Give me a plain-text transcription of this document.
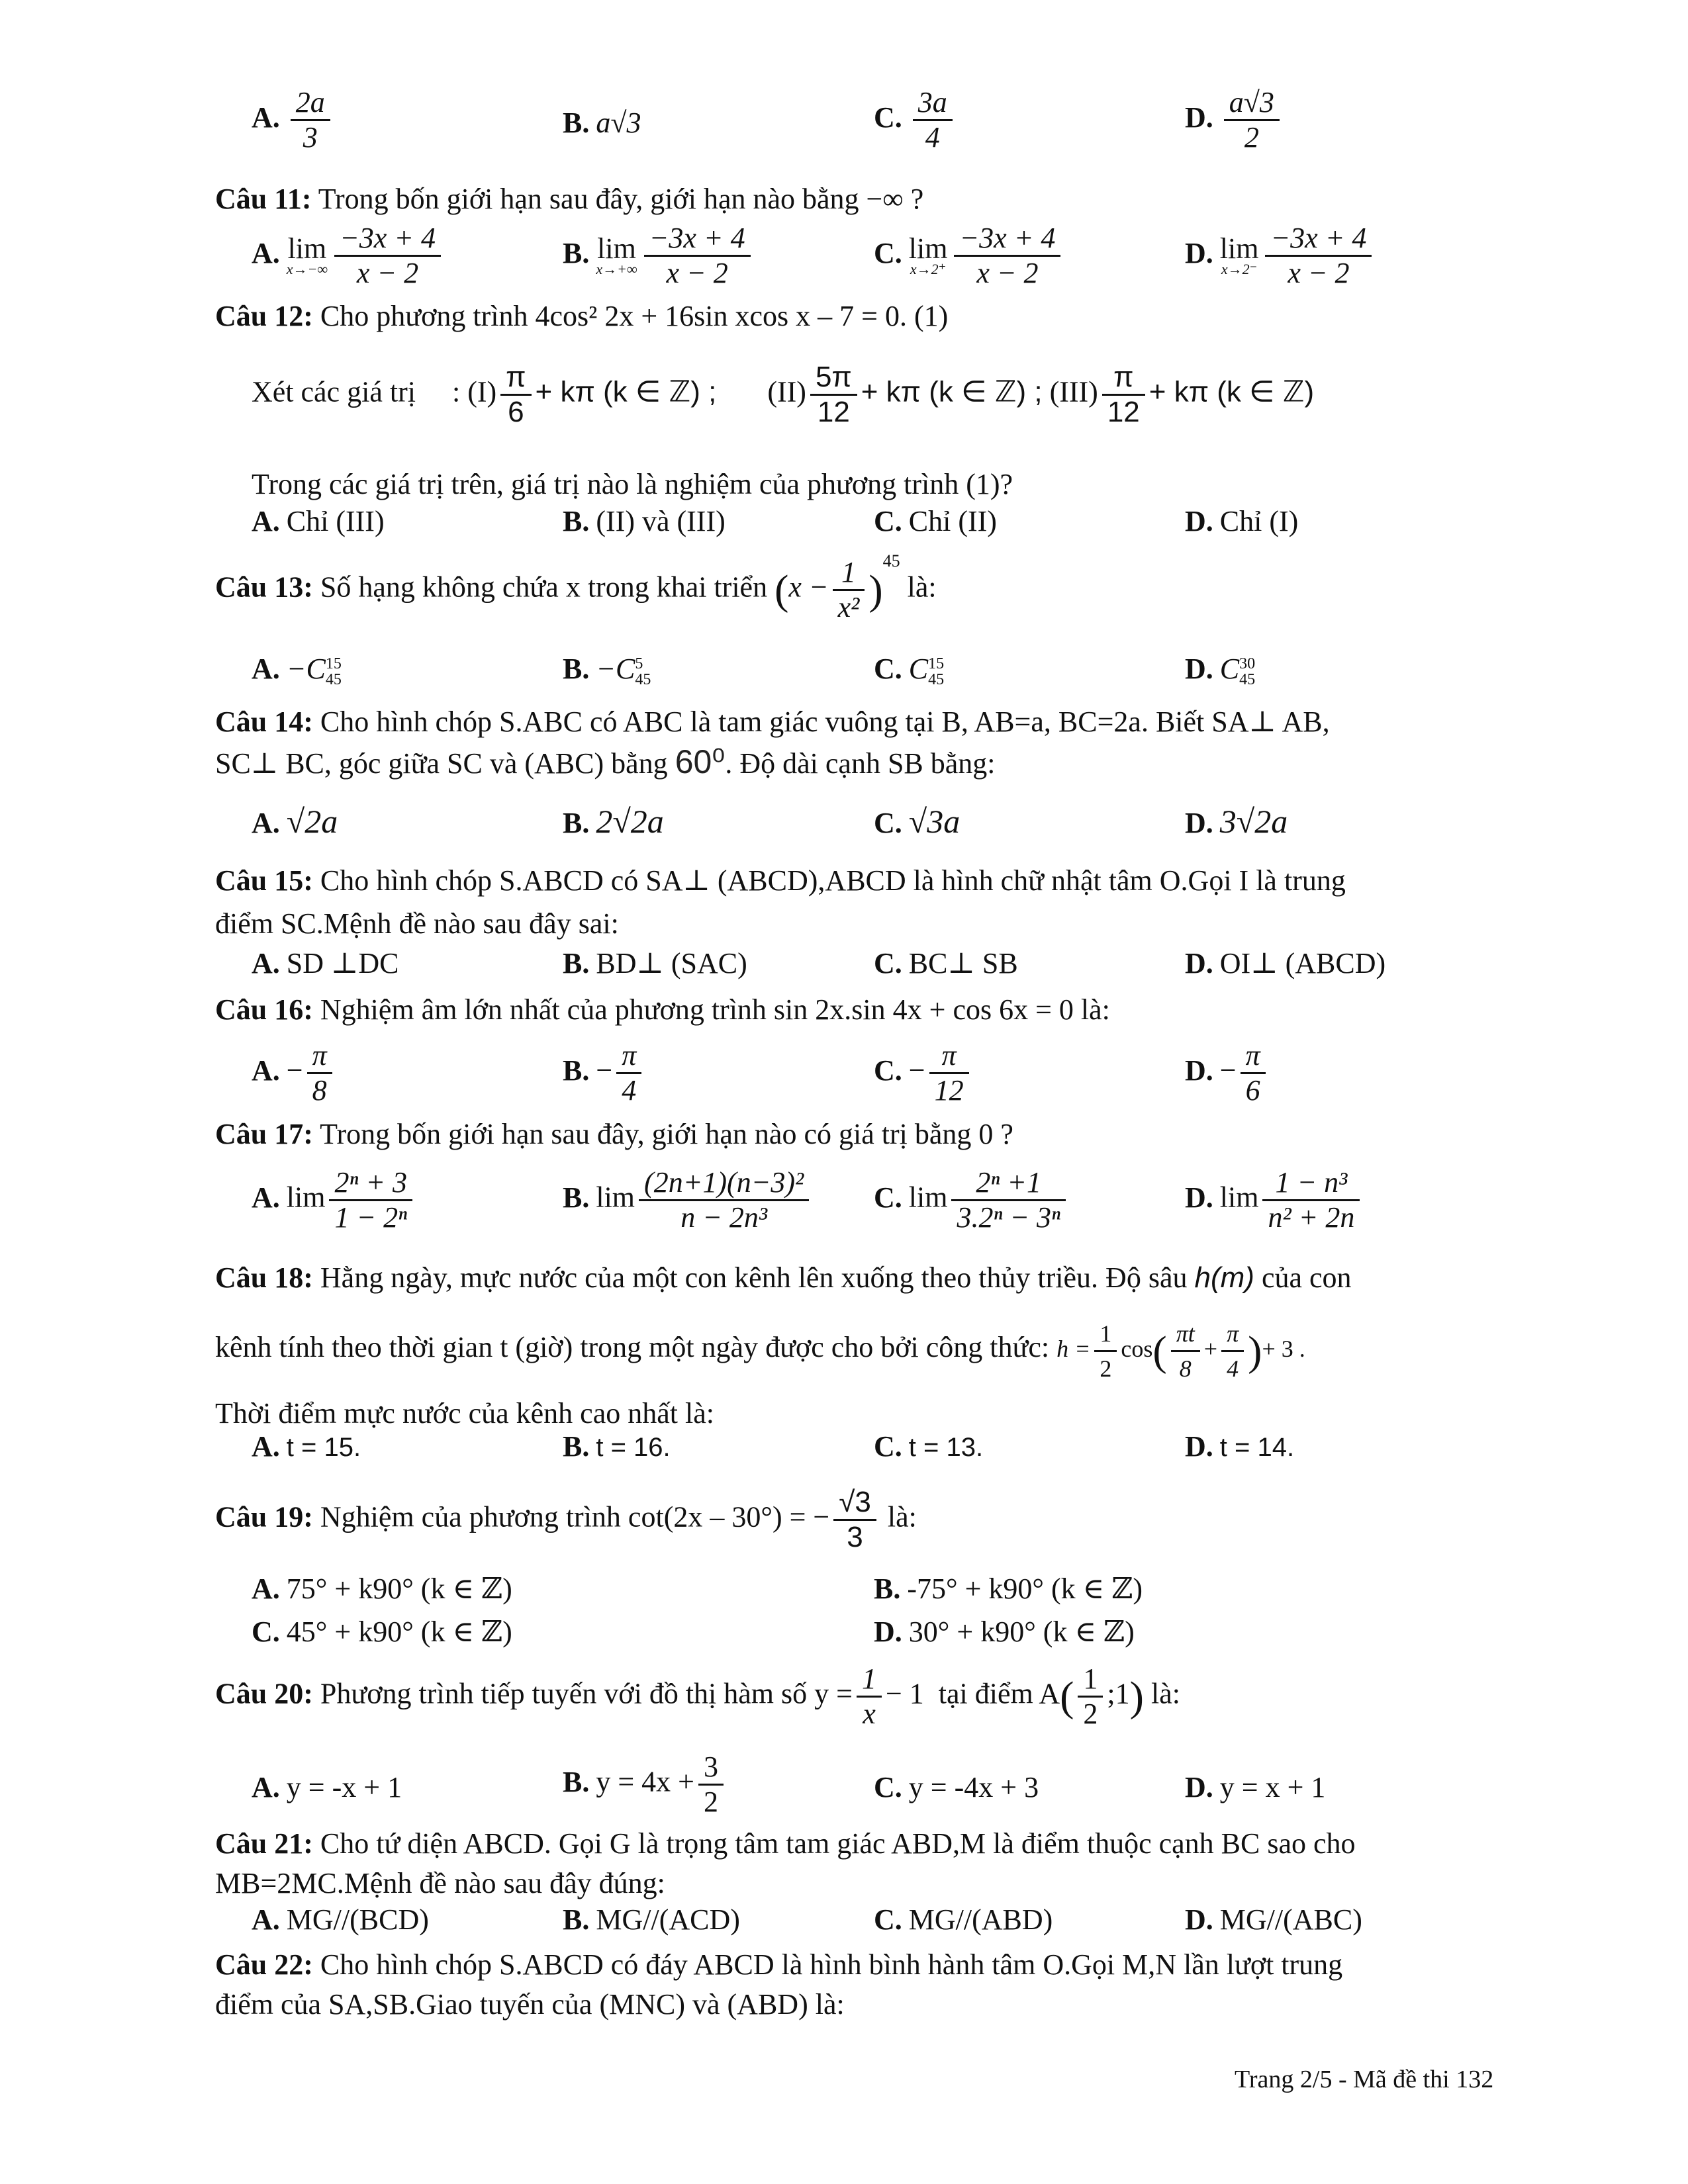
A. $\frac{2a}{3}$	B. a√3	C. $\frac{3a}{4}$	D. $\frac{a√3}{2}$
Câu 11: Trong bốn giới hạn sau đây, giới hạn nào bằng −∞ ?
A. lim
$x\to-\infty \frac{-3x + 4}{x - 2}$	B. lim
$x\to+\infty \frac{-3x + 4}{x - 2}$	C. lim
$x\to 2^+ \frac{-3x + 4}{x - 2}$	D. lim
$x\to 2^- \frac{-3x + 4}{x - 2}$
Câu 12: Cho phương trình 4cos² 2x + 16sin xcos x – 7 = 0. (1)
Xét các giá trị : $(I) \frac{\pi}{6} + k\pi$ (k ∈ ℤ) ; $(II) \frac{5\pi}{12} + k\pi$ (k ∈ ℤ) ; $(III) \frac{\pi}{12} + k\pi$ (k ∈ ℤ)
Trong các giá trị trên, giá trị nào là nghiệm của phương trình (1)?
A. Chỉ (III)	B. (II) và (III)	C. Chỉ (II)	D. Chỉ (I)
Câu 13: Số hạng không chứa x trong khai triển $(x - \frac{1}{\text{x²}} )^{45}$ là:
A. −C 15
45	B. −C 5
45	C. C 15
45	D. C 30
45
Câu 14: Cho hình chóp S.ABC có ABC là tam giác vuông tại B, AB=a, BC=2a. Biết SA⊥ AB,
SC⊥ BC, góc giữa SC và (ABC) bằng 60⁰. Độ dài cạnh SB bằng:
A. √2a	B. 2√2a	C. √3a	D. 3√2a
Câu 15: Cho hình chóp S.ABCD có SA⊥ (ABCD),ABCD là hình chữ nhật tâm O.Gọi I là trung
điểm SC.Mệnh đề nào sau đây sai:
A. SD ⊥DC	B. BD⊥ (SAC)	C. BC⊥ SB	D. OI⊥ (ABCD)
Câu 16: Nghiệm âm lớn nhất của phương trình sin 2x.sin 4x + cos 6x = 0 là:
A. − $\frac{\pi}{8}$	B. − $\frac{\pi}{4}$	C. − $\frac{\pi}{12}$	D. − $\frac{\pi}{6}$
Câu 17: Trong bốn giới hạn sau đây, giới hạn nào có giá trị bằng 0 ?
A. $\lim \frac{\text{2ⁿ + 3}}{\text{1 − 2ⁿ}}$	B. $\lim \frac{\text{(2n+1)(n−3)²}}{\text{n − 2n³}} C$. $\lim \frac{\text{2ⁿ +1}}{\text{3.2ⁿ − 3ⁿ}}$	D. $\lim \frac{\text{1 − n³}}{\text{n² + 2n}}$
Câu 18: Hằng ngày, mực nước của một con kênh lên xuống theo thủy triều. Độ sâu h(m) của con
kênh tính theo thời gian t (giờ) trong một ngày được cho bởi công thức: $h = \frac{1}{2} \cos( \frac{\pi t}{8} + \frac{\pi}{4}$ )+ 3 .
Thời điểm mực nước của kênh cao nhất là:
A. t = 15.	B. t = 16.	C. t = 13.	D. t = 14.
Câu 19: Nghiệm của phương trình cot(2x – 30°) = − $\frac{√3}{3}$ là:
A. 75° + k90° (k ∈ ℤ)	B. -75° + k90° (k ∈ ℤ)
C. 45° + k90° (k ∈ ℤ)	D. 30° + k90° (k ∈ ℤ)
Câu 20: Phương trình tiếp tuyến với đồ thị hàm số $y = \frac{1}{x} - 1$ tại điểm $A( \frac{1}{2}$ ;1) là:
A. y = -x + 1	B. $y = 4x + \frac{3}{2}$	C. y = -4x + 3	D. y = x + 1
Câu 21: Cho tứ diện ABCD. Gọi G là trọng tâm tam giác ABD,M là điểm thuộc cạnh BC sao cho
MB=2MC.Mệnh đề nào sau đây đúng:
A. MG//(BCD)	B. MG//(ACD)	C. MG//(ABD)	D. MG//(ABC)
Câu 22: Cho hình chóp S.ABCD có đáy ABCD là hình bình hành tâm O.Gọi M,N lần lượt trung
điểm của SA,SB.Giao tuyến của (MNC) và (ABD) là:
Trang 2/5 - Mã đề thi 132
